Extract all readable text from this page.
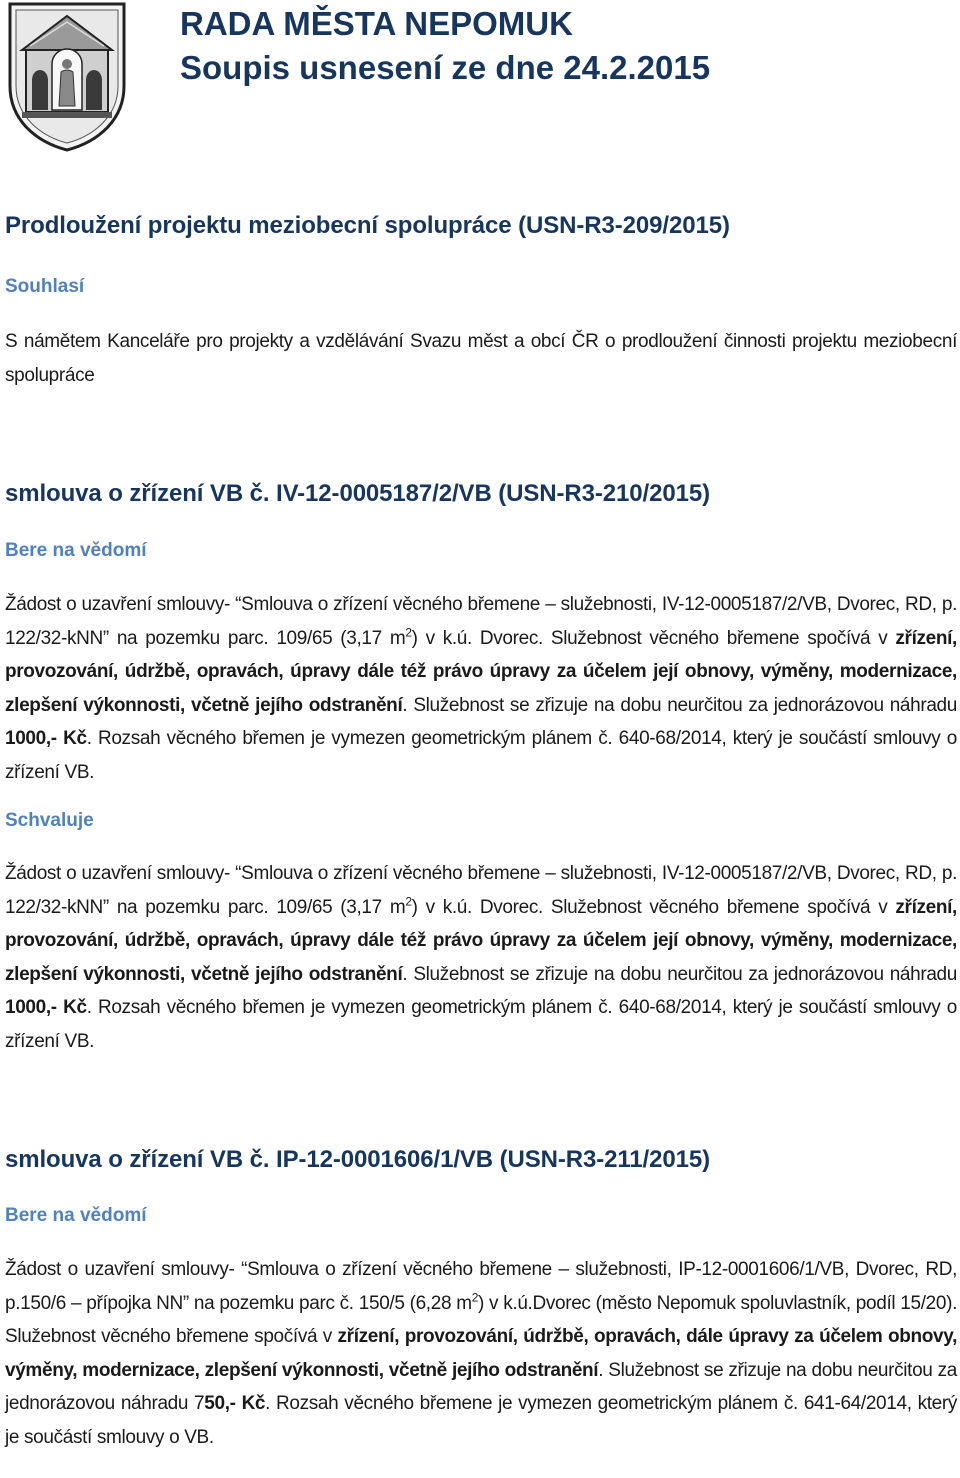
RADA MĚSTA NEPOMUK
Soupis usnesení ze dne 24.2.2015
Prodloužení projektu meziobecní spolupráce (USN-R3-209/2015)
Souhlasí
S námětem Kanceláře pro projekty a vzdělávání Svazu měst a obcí ČR o prodloužení činnosti projektu meziobecní spolupráce
smlouva o zřízení VB č. IV-12-0005187/2/VB (USN-R3-210/2015)
Bere na vědomí
Žádost o uzavření smlouvy- “Smlouva o zřízení věcného břemene – služebnosti, IV-12-0005187/2/VB, Dvorec, RD, p. 122/32-kNN” na pozemku parc. 109/65 (3,17 $m^2$) v k.ú. Dvorec. Služebnost věcného břemene spočívá v zřízení, provozování, údržbě, opravách, úpravy dále též právo úpravy za účelem její obnovy, výměny, modernizace, zlepšení výkonnosti, včetně jejího odstranění. Služebnost se zřizuje na dobu neurčitou za jednorázovou náhradu 1000,- Kč. Rozsah věcného břemen je vymezen geometrickým plánem č. 640-68/2014, který je součástí smlouvy o zřízení VB.
Schvaluje
Žádost o uzavření smlouvy- “Smlouva o zřízení věcného břemene – služebnosti, IV-12-0005187/2/VB, Dvorec, RD, p. 122/32-kNN” na pozemku parc. 109/65 (3,17 $m^2$) v k.ú. Dvorec. Služebnost věcného břemene spočívá v zřízení, provozování, údržbě, opravách, úpravy dále též právo úpravy za účelem její obnovy, výměny, modernizace, zlepšení výkonnosti, včetně jejího odstranění. Služebnost se zřizuje na dobu neurčitou za jednorázovou náhradu 1000,- Kč. Rozsah věcného břemen je vymezen geometrickým plánem č. 640-68/2014, který je součástí smlouvy o zřízení VB.
smlouva o zřízení VB č. IP-12-0001606/1/VB (USN-R3-211/2015)
Bere na vědomí
Žádost o uzavření smlouvy- “Smlouva o zřízení věcného břemene – služebnosti, IP-12-0001606/1/VB, Dvorec, RD, p.150/6 – přípojka NN” na pozemku parc č. 150/5 (6,28 $m^2$) v k.ú.Dvorec (město Nepomuk spoluvlastník, podíl 15/20). Služebnost věcného břemene spočívá v zřízení, provozování, údržbě, opravách, dále úpravy za účelem obnovy, výměny, modernizace, zlepšení výkonnosti, včetně jejího odstranění. Služebnost se zřizuje na dobu neurčitou za jednorázovou náhradu 750,- Kč. Rozsah věcného břemene je vymezen geometrickým plánem č. 641-64/2014, který je součástí smlouvy o VB.
